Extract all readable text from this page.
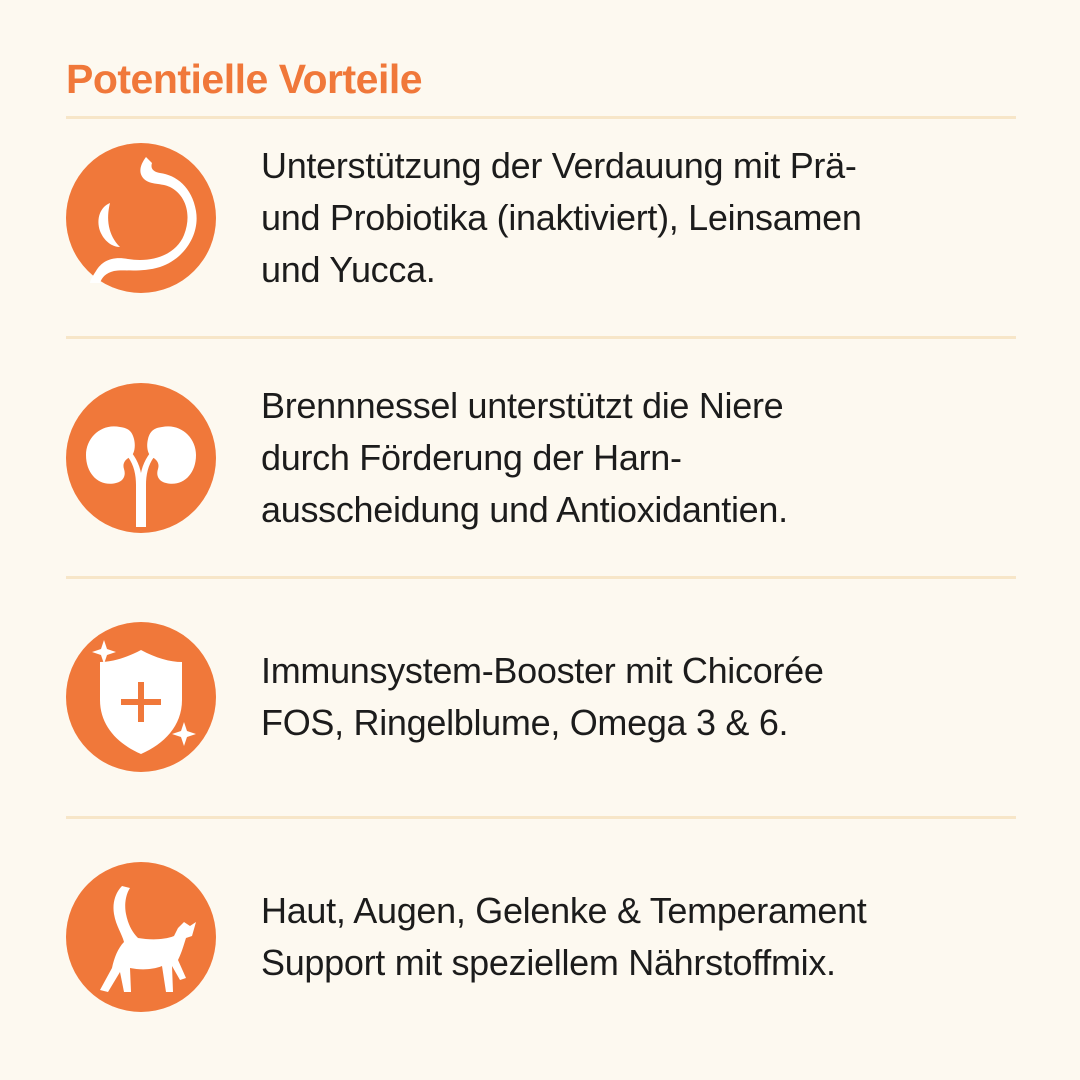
Potentielle Vorteile
Unterstützung der Verdauung mit Prä-
und Probiotika (inaktiviert), Leinsamen
und Yucca.
Brennnessel unterstützt die Niere
durch Förderung der Harn-
ausscheidung und Antioxidantien.
Immunsystem-Booster mit Chicorée
FOS, Ringelblume, Omega 3 & 6.
Haut, Augen, Gelenke & Temperament
Support mit speziellem Nährstoffmix.
